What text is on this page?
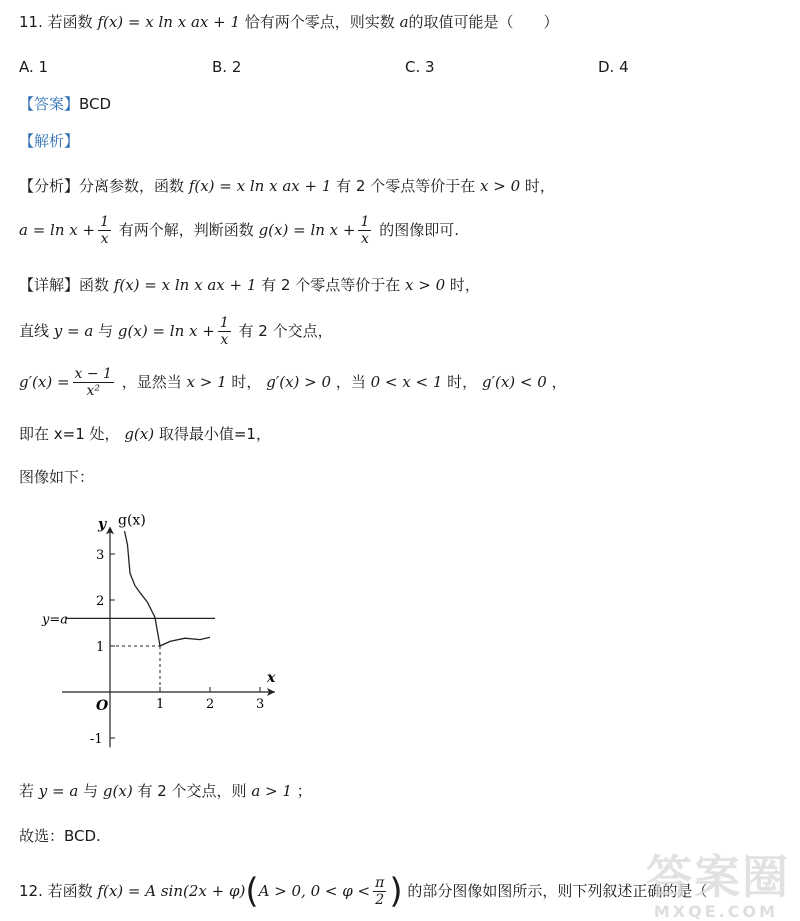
11. 若函数 f(x) = x ln x ax + 1 恰有两个零点，则实数 a的取值可能是（　　）
A. 1	B. 2	C. 3	D. 4
【答案】BCD
【解析】
【分析】分离参数，函数 f(x) = x ln x ax + 1 有 2 个零点等价于在 x > 0 时，
$a = \ln x + \frac{1}{x}$ 有两个解，判断函数 $g(x) = \ln x + \frac{1}{x}$ 的图像即可.
【详解】函数 f(x) = x ln x ax + 1 有 2 个零点等价于在 x > 0 时，
直线 y = a 与 $g(x) = \ln x + \frac{1}{x}$ 有 2 个交点，
$g'(x) = \frac{x - 1}{\text{x²}}$ ，显然当 x > 1 时， g′(x) > 0 ，当 0 < x < 1 时， g′(x) < 0 ，
即在 x=1 处， g(x) 取得最小值=1，
图像如下：
1	2	3
3
2
1
-1
y g(x)
x
O
y=a
若 y = a 与 g(x) 有 2 个交点，则 a > 1 ；
故选：BCD.
12. 若函数 f(x) = A sin(2x + φ)(A > 0, $0 < \varphi < \frac{\pi}{2}$ ) 的部分图像如图所示，则下列叙述正确的是（
答案圈
MXQE.COM
